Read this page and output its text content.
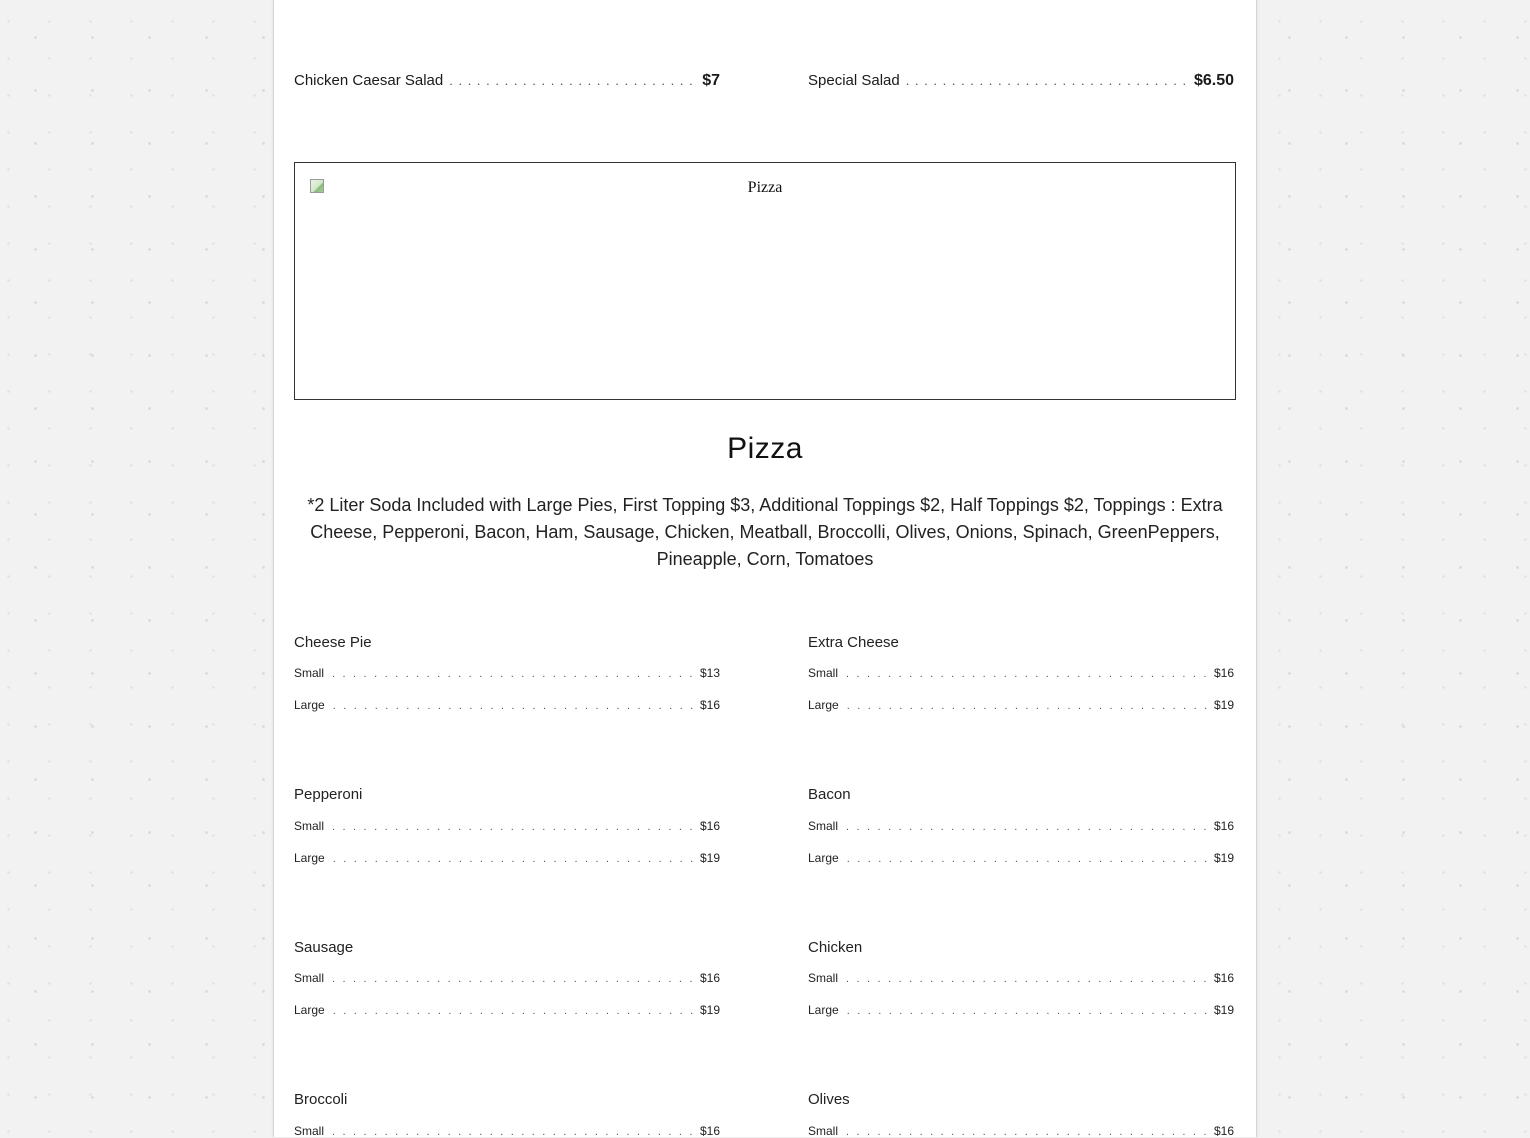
Chicken Caesar Salad . . .	$7	Special Salad . . .	$6.50
Pizza
Pizza

*2 Liter Soda Included with Large Pies, First Topping $3, Additional Toppings $2, Half Toppings $2, Toppings : Extra Cheese, Pepperoni, Bacon, Ham, Sausage, Chicken, Meatball, Broccolli, Olives, Onions, Spinach, GreenPeppers, Pineapple, Corn, Tomatoes

Cheese Pie
Small . . .	$13
Large . . .	$16
Extra Cheese
Small . . .	$16
Large . . .	$19
Pepperoni
Small . . .	$16
Large . . .	$19
Bacon
Small . . .	$16
Large . . .	$19
Sausage
Small . . .	$16
Large . . .	$19
Chicken
Small . . .	$16
Large . . .	$19
Broccoli
Small . . .	$16
Olives
Small . . .	$16
